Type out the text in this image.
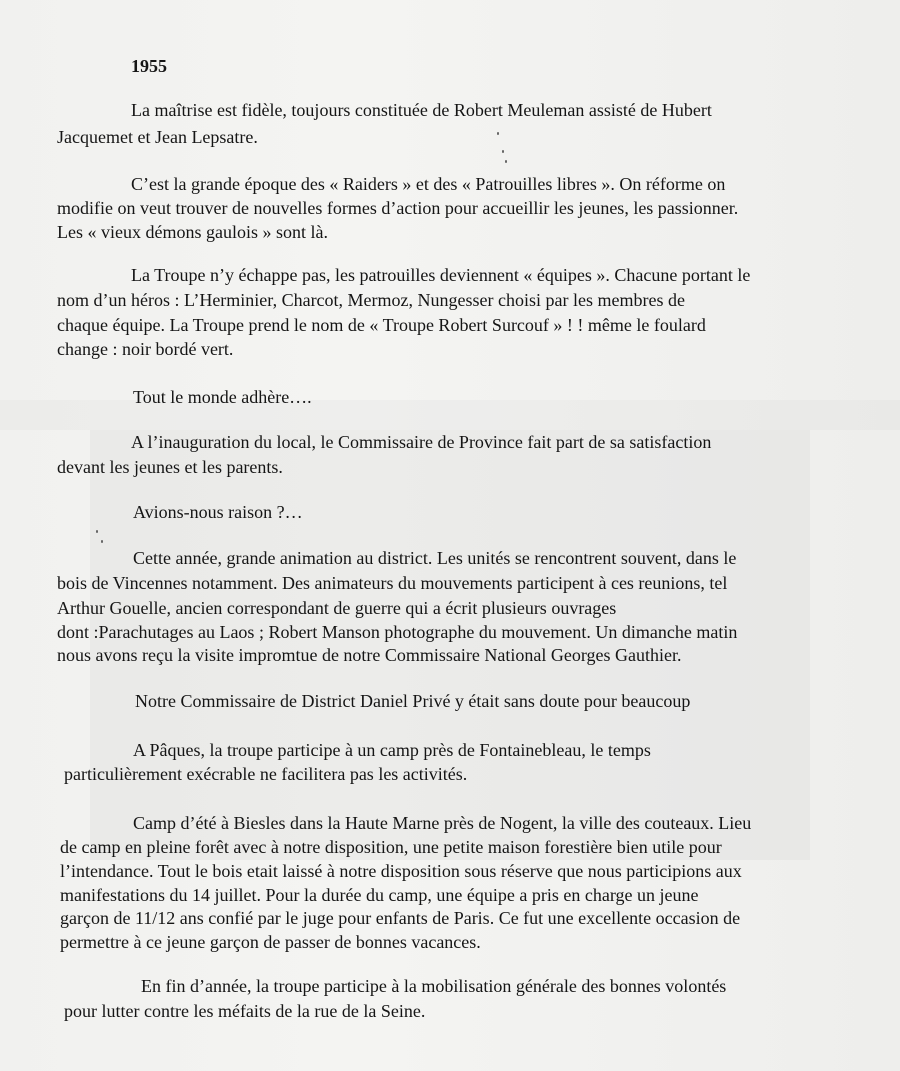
1955
La maîtrise est fidèle, toujours constituée de Robert Meuleman assisté de Hubert
Jacquemet et Jean Lepsatre.
C’est la grande époque des « Raiders » et des « Patrouilles libres ». On réforme on
modifie on veut trouver de nouvelles formes d’action pour accueillir les jeunes, les passionner.
Les « vieux démons gaulois » sont là.
La Troupe n’y échappe pas, les patrouilles deviennent « équipes ». Chacune portant le
nom d’un héros : L’Herminier, Charcot, Mermoz, Nungesser choisi par les membres de
chaque équipe. La Troupe prend le nom de « Troupe Robert Surcouf » ! ! même le foulard
change : noir bordé vert.
Tout le monde adhère….
A l’inauguration du local, le Commissaire de Province fait part de sa satisfaction
devant les jeunes et les parents.
Avions-nous raison ?…
Cette année, grande animation au district. Les unités se rencontrent souvent, dans le
bois de Vincennes notamment. Des animateurs du mouvements participent à ces reunions, tel
Arthur Gouelle, ancien correspondant de guerre qui a écrit plusieurs ouvrages
dont :Parachutages au Laos ; Robert Manson photographe du mouvement. Un dimanche matin
nous avons reçu la visite impromtue de notre Commissaire National Georges Gauthier.
Notre Commissaire de District Daniel Privé y était sans doute pour beaucoup
A Pâques, la troupe participe à un camp près de Fontainebleau, le temps
particulièrement exécrable ne facilitera pas les activités.
Camp d’été à Biesles dans la Haute Marne près de Nogent, la ville des couteaux. Lieu
de camp en pleine forêt avec à notre disposition, une petite maison forestière bien utile pour
l’intendance. Tout le bois etait laissé à notre disposition sous réserve que nous participions aux
manifestations du 14 juillet. Pour la durée du camp, une équipe a pris en charge un jeune
garçon de 11/12 ans confié par le juge pour enfants de Paris. Ce fut une excellente occasion de
permettre à ce jeune garçon de passer de bonnes vacances.
En fin d’année, la troupe participe à la mobilisation générale des bonnes volontés
pour lutter contre les méfaits de la rue de la Seine.
